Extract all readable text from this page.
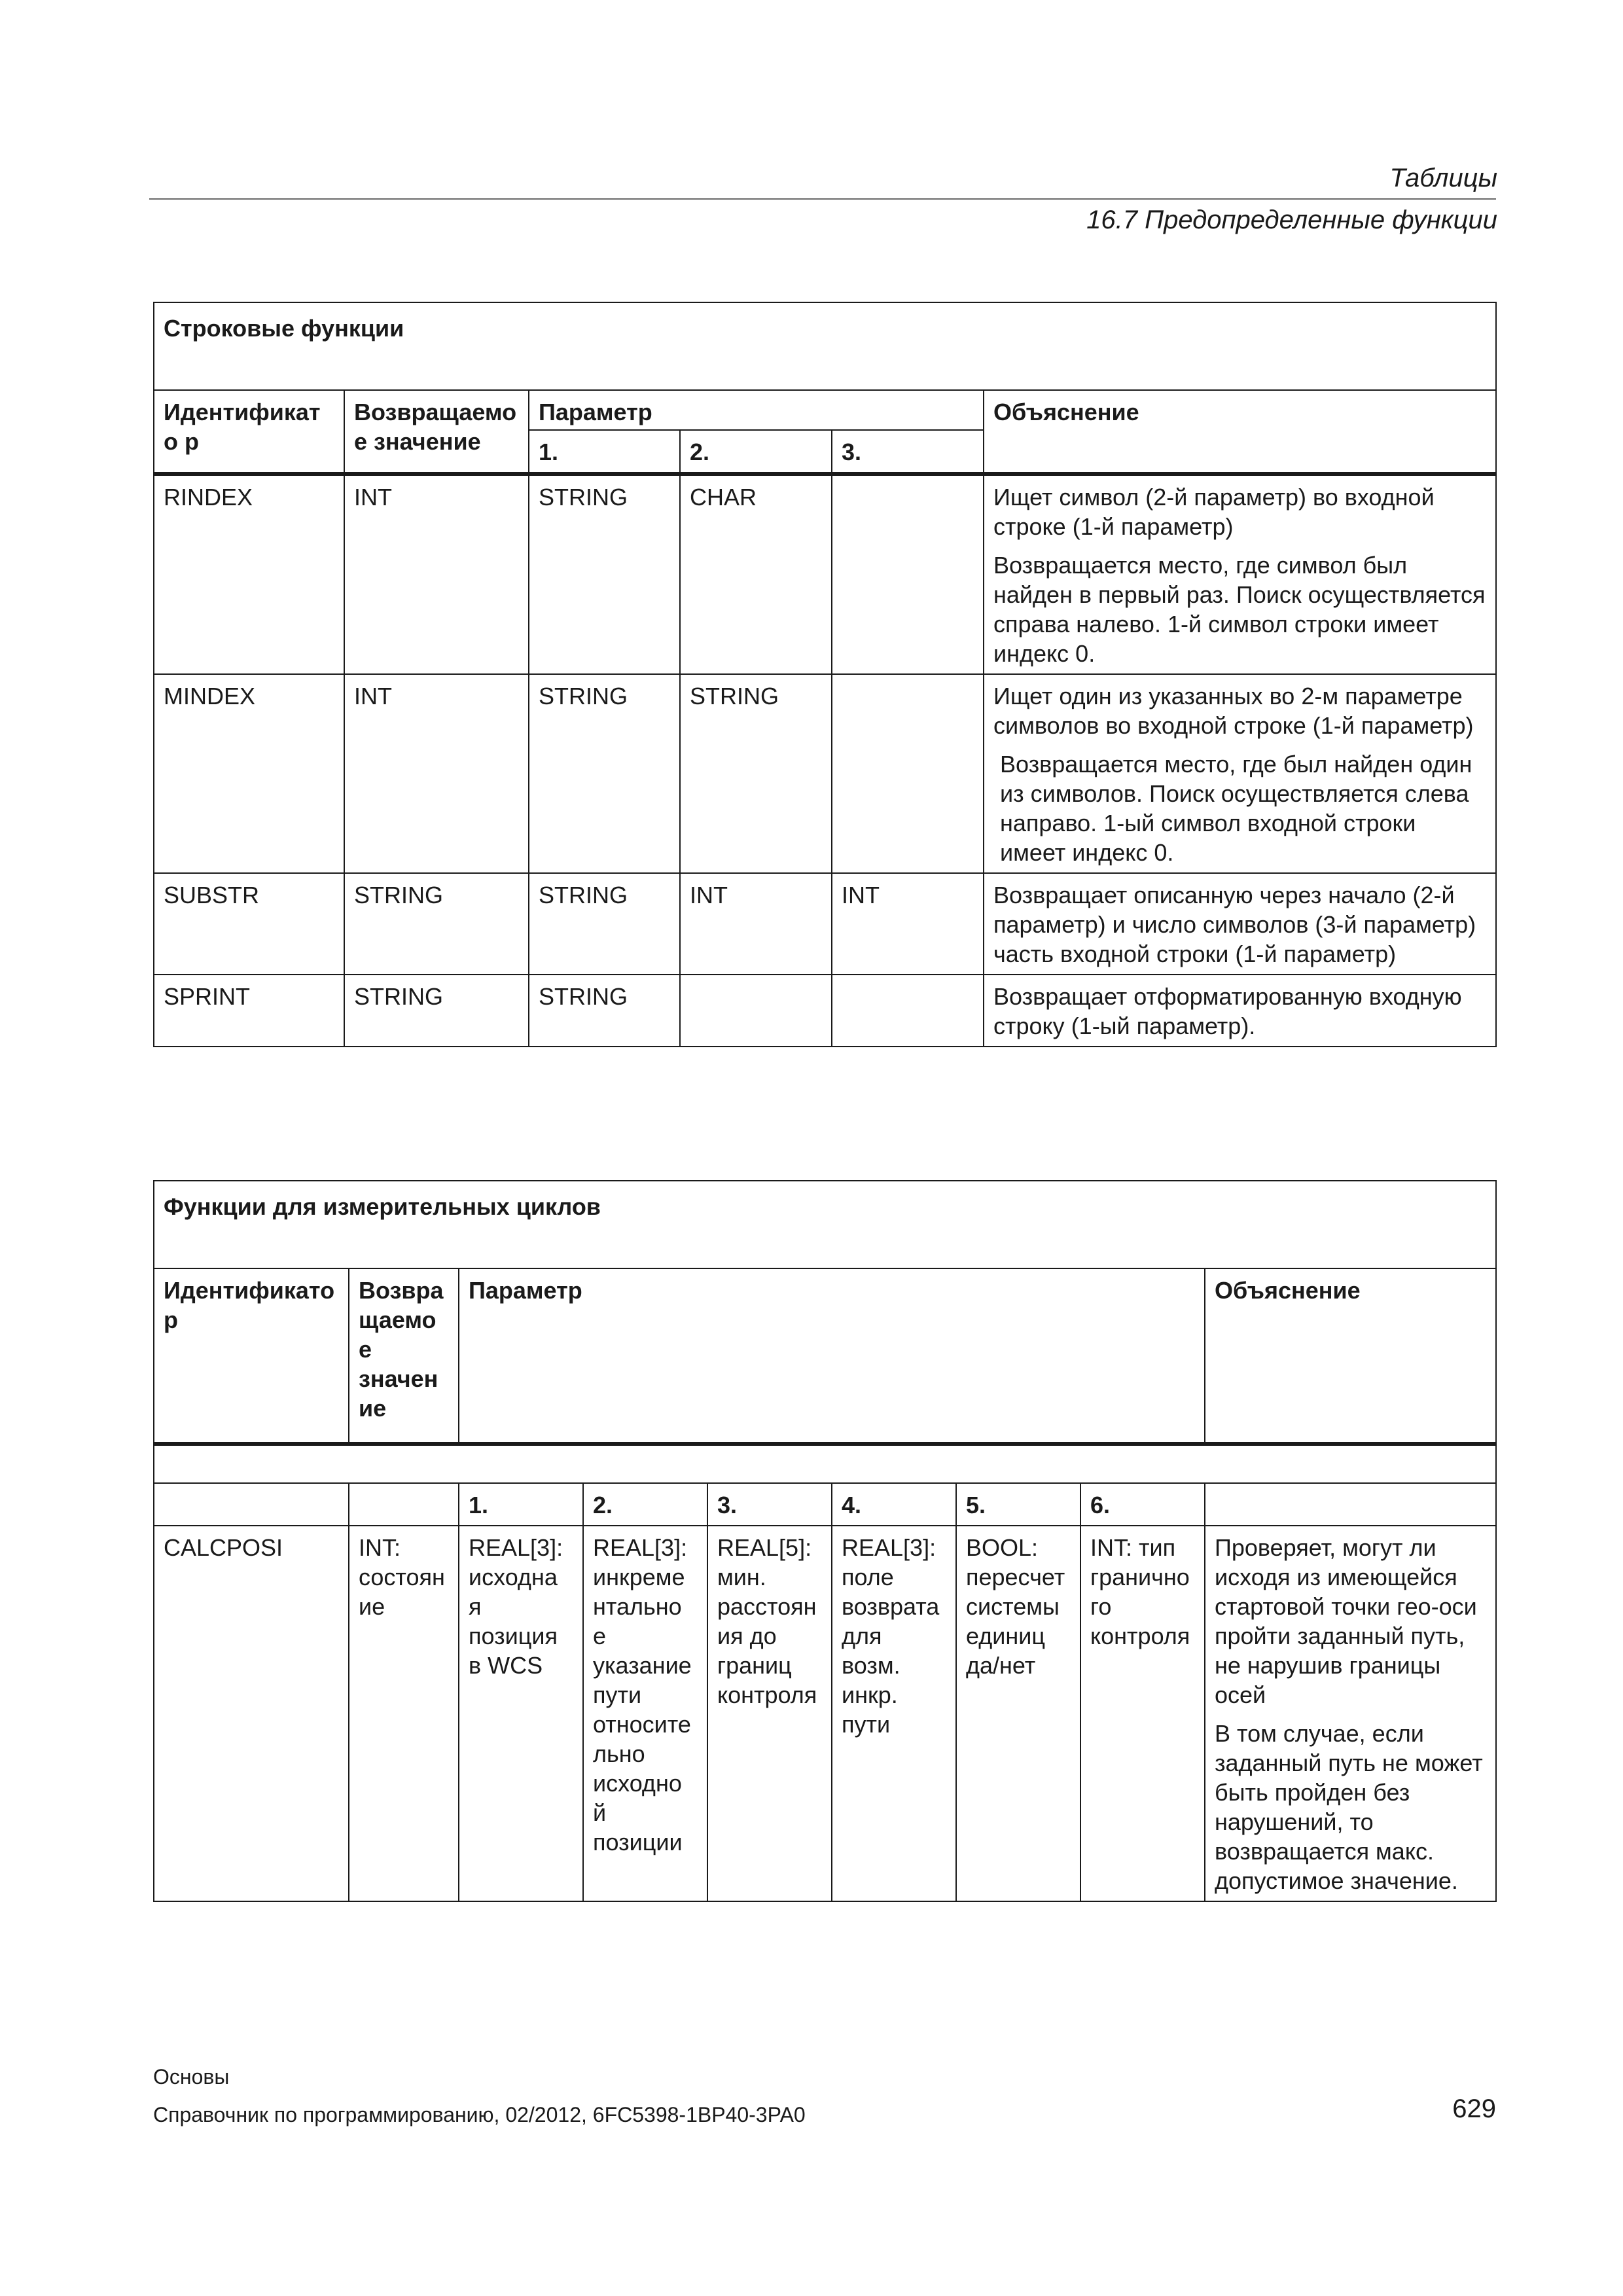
Таблицы
16.7 Предопределенные функции
Строковые функции					
Идентификато р	Возвращаемо е значение	Параметр			Объяснение
		1.	2.	3.	
RINDEX	INT	STRING	CHAR		Ищет символ (2-й параметр) во входной строке (1-й параметр)

Возвращается место, где символ был найден в первый раз. Поиск осуществляется справа налево. 1-й символ строки имеет индекс 0.

MINDEX	INT	STRING	STRING		Ищет один из указанных во 2-м параметре символов во входной строке (1-й параметр)

Возвращается место, где был найден один из символов. Поиск осуществляется слева направо. 1-ый символ входной строки имеет индекс 0.

SUBSTR	STRING	STRING	INT	INT	Возвращает описанную через начало (2-й параметр) и число символов (3-й параметр) часть входной строки (1-й параметр)

SPRINT	STRING	STRING			Возвращает отформатированную входную строку (1-ый параметр).

Функции для измерительных циклов								
Идентификато р	Возвра щаемо е значен ие	Параметр						Объяснение

		1.	2.	3.	4.	5.	6.	
CALCPOSI	INT: состоян ие	REAL[3]: исходна я позиция в WCS	REAL[3]: инкреме нтально е указание пути относите льно исходно й позиции	REAL[5]: мин. расстоян ия до границ контроля	REAL[3]: поле возврата для возм. инкр. пути	BOOL: пересчет системы единиц да/нет	INT: тип гранично го контроля	Проверяет, могут ли исходя из имеющейся стартовой точки гео-оси пройти заданный путь, не нарушив границы осей

В том случае, если заданный путь не может быть пройден без нарушений, то возвращается макс. допустимое значение.

Основы
Справочник по программированию, 02/2012, 6FC5398-1BP40-3PA0	629
